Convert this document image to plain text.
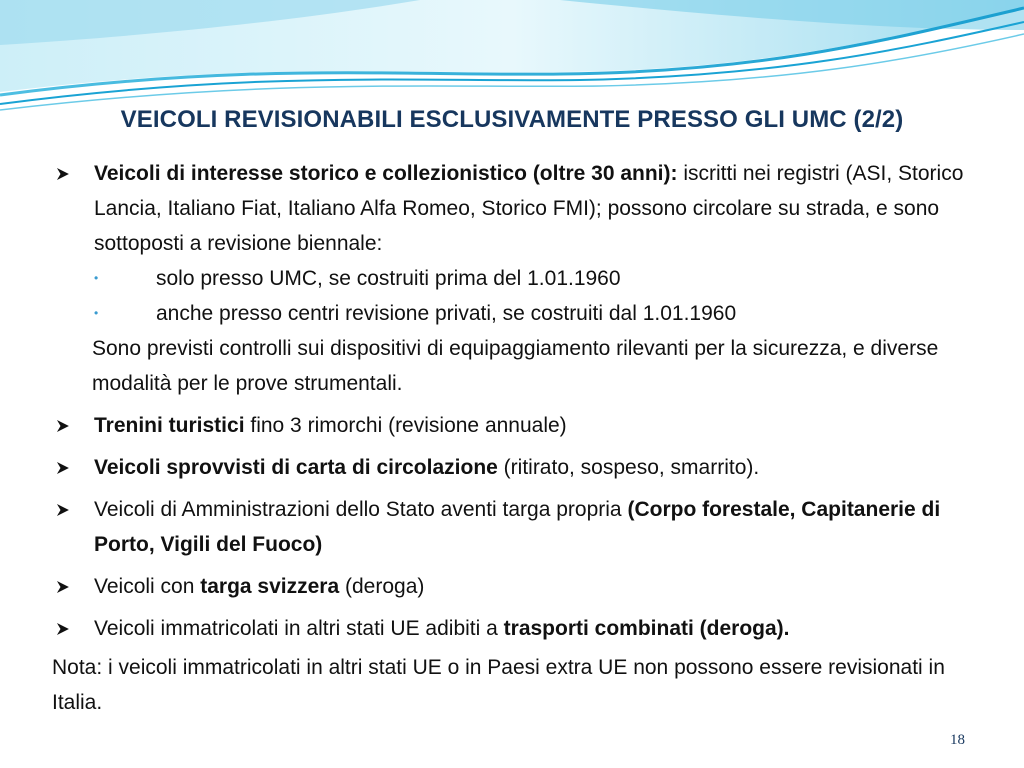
VEICOLI REVISIONABILI ESCLUSIVAMENTE PRESSO GLI UMC (2/2)
Veicoli di interesse storico e collezionistico (oltre 30 anni): iscritti nei registri (ASI, Storico Lancia, Italiano Fiat, Italiano Alfa Romeo, Storico FMI); possono circolare su strada, e sono sottoposti a revisione biennale:
•	solo presso UMC, se costruiti prima del 1.01.1960
•	anche presso centri revisione privati, se costruiti dal 1.01.1960
Sono previsti controlli sui dispositivi di equipaggiamento rilevanti per la sicurezza, e diverse modalità per le prove strumentali.
Trenini turistici fino 3 rimorchi (revisione annuale)
Veicoli sprovvisti di carta di circolazione (ritirato, sospeso, smarrito).
Veicoli di Amministrazioni dello Stato aventi targa propria (Corpo forestale, Capitanerie di Porto, Vigili del Fuoco)
Veicoli con targa svizzera (deroga)
Veicoli immatricolati in altri stati UE adibiti a trasporti combinati (deroga).
Nota: i veicoli immatricolati in altri stati UE o in Paesi extra UE non possono essere revisionati in Italia.
18
